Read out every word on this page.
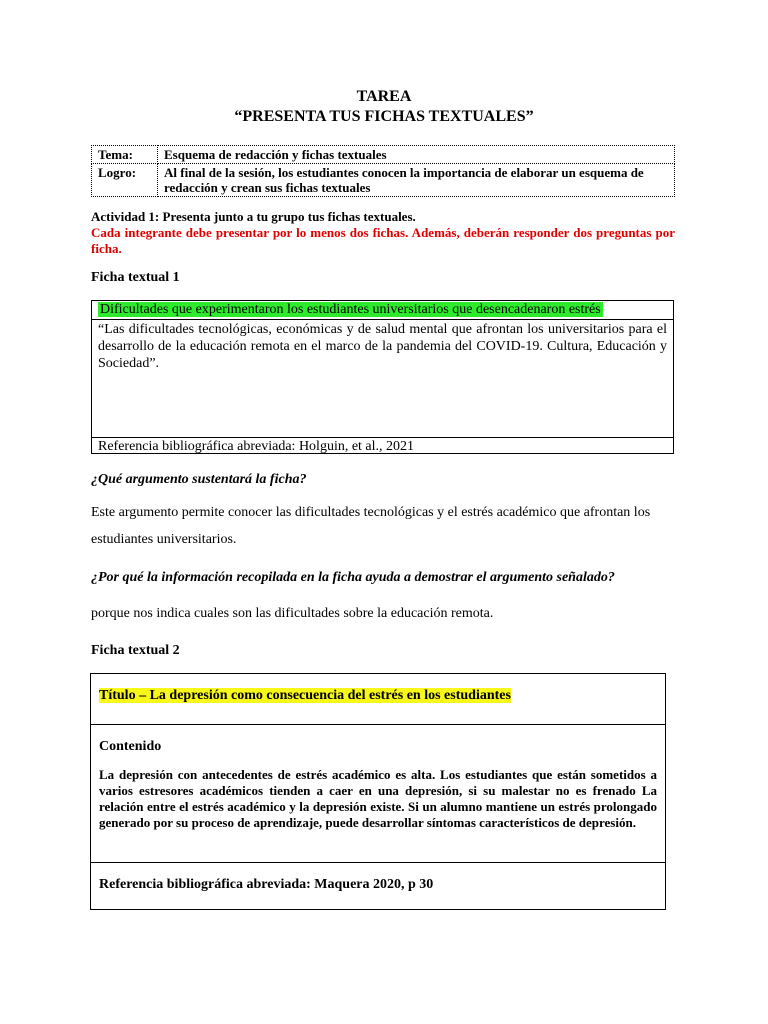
TAREA
“PRESENTA TUS FICHAS TEXTUALES”
Tema:	Esquema de redacción y fichas textuales
Logro:	Al final de la sesión, los estudiantes conocen la importancia de elaborar un esquema de redacción y crean sus fichas textuales
Actividad 1: Presenta junto a tu grupo tus fichas textuales.
Cada integrante debe presentar por lo menos dos fichas. Además, deberán responder dos preguntas por ficha.
Ficha textual 1
Dificultades que experimentaron los estudiantes universitarios que desencadenaron estrés
“Las dificultades tecnológicas, económicas y de salud mental que afrontan los universitarios para el desarrollo de la educación remota en el marco de la pandemia del COVID-19. Cultura, Educación y Sociedad”.
Referencia bibliográfica abreviada: Holguin, et al., 2021
¿Qué argumento sustentará la ficha?
Este argumento permite conocer las dificultades tecnológicas y el estrés académico que afrontan los estudiantes universitarios.
¿Por qué la información recopilada en la ficha ayuda a demostrar el argumento señalado?
porque nos indica cuales son las dificultades sobre la educación remota.
Ficha textual 2
Título – La depresión como consecuencia del estrés en los estudiantes
Contenido
La depresión con antecedentes de estrés académico es alta. Los estudiantes que están sometidos a varios estresores académicos tienden a caer en una depresión, si su malestar no es frenado La relación entre el estrés académico y la depresión existe. Si un alumno mantiene un estrés prolongado generado por su proceso de aprendizaje, puede desarrollar síntomas característicos de depresión.
Referencia bibliográfica abreviada: Maquera 2020, p 30
